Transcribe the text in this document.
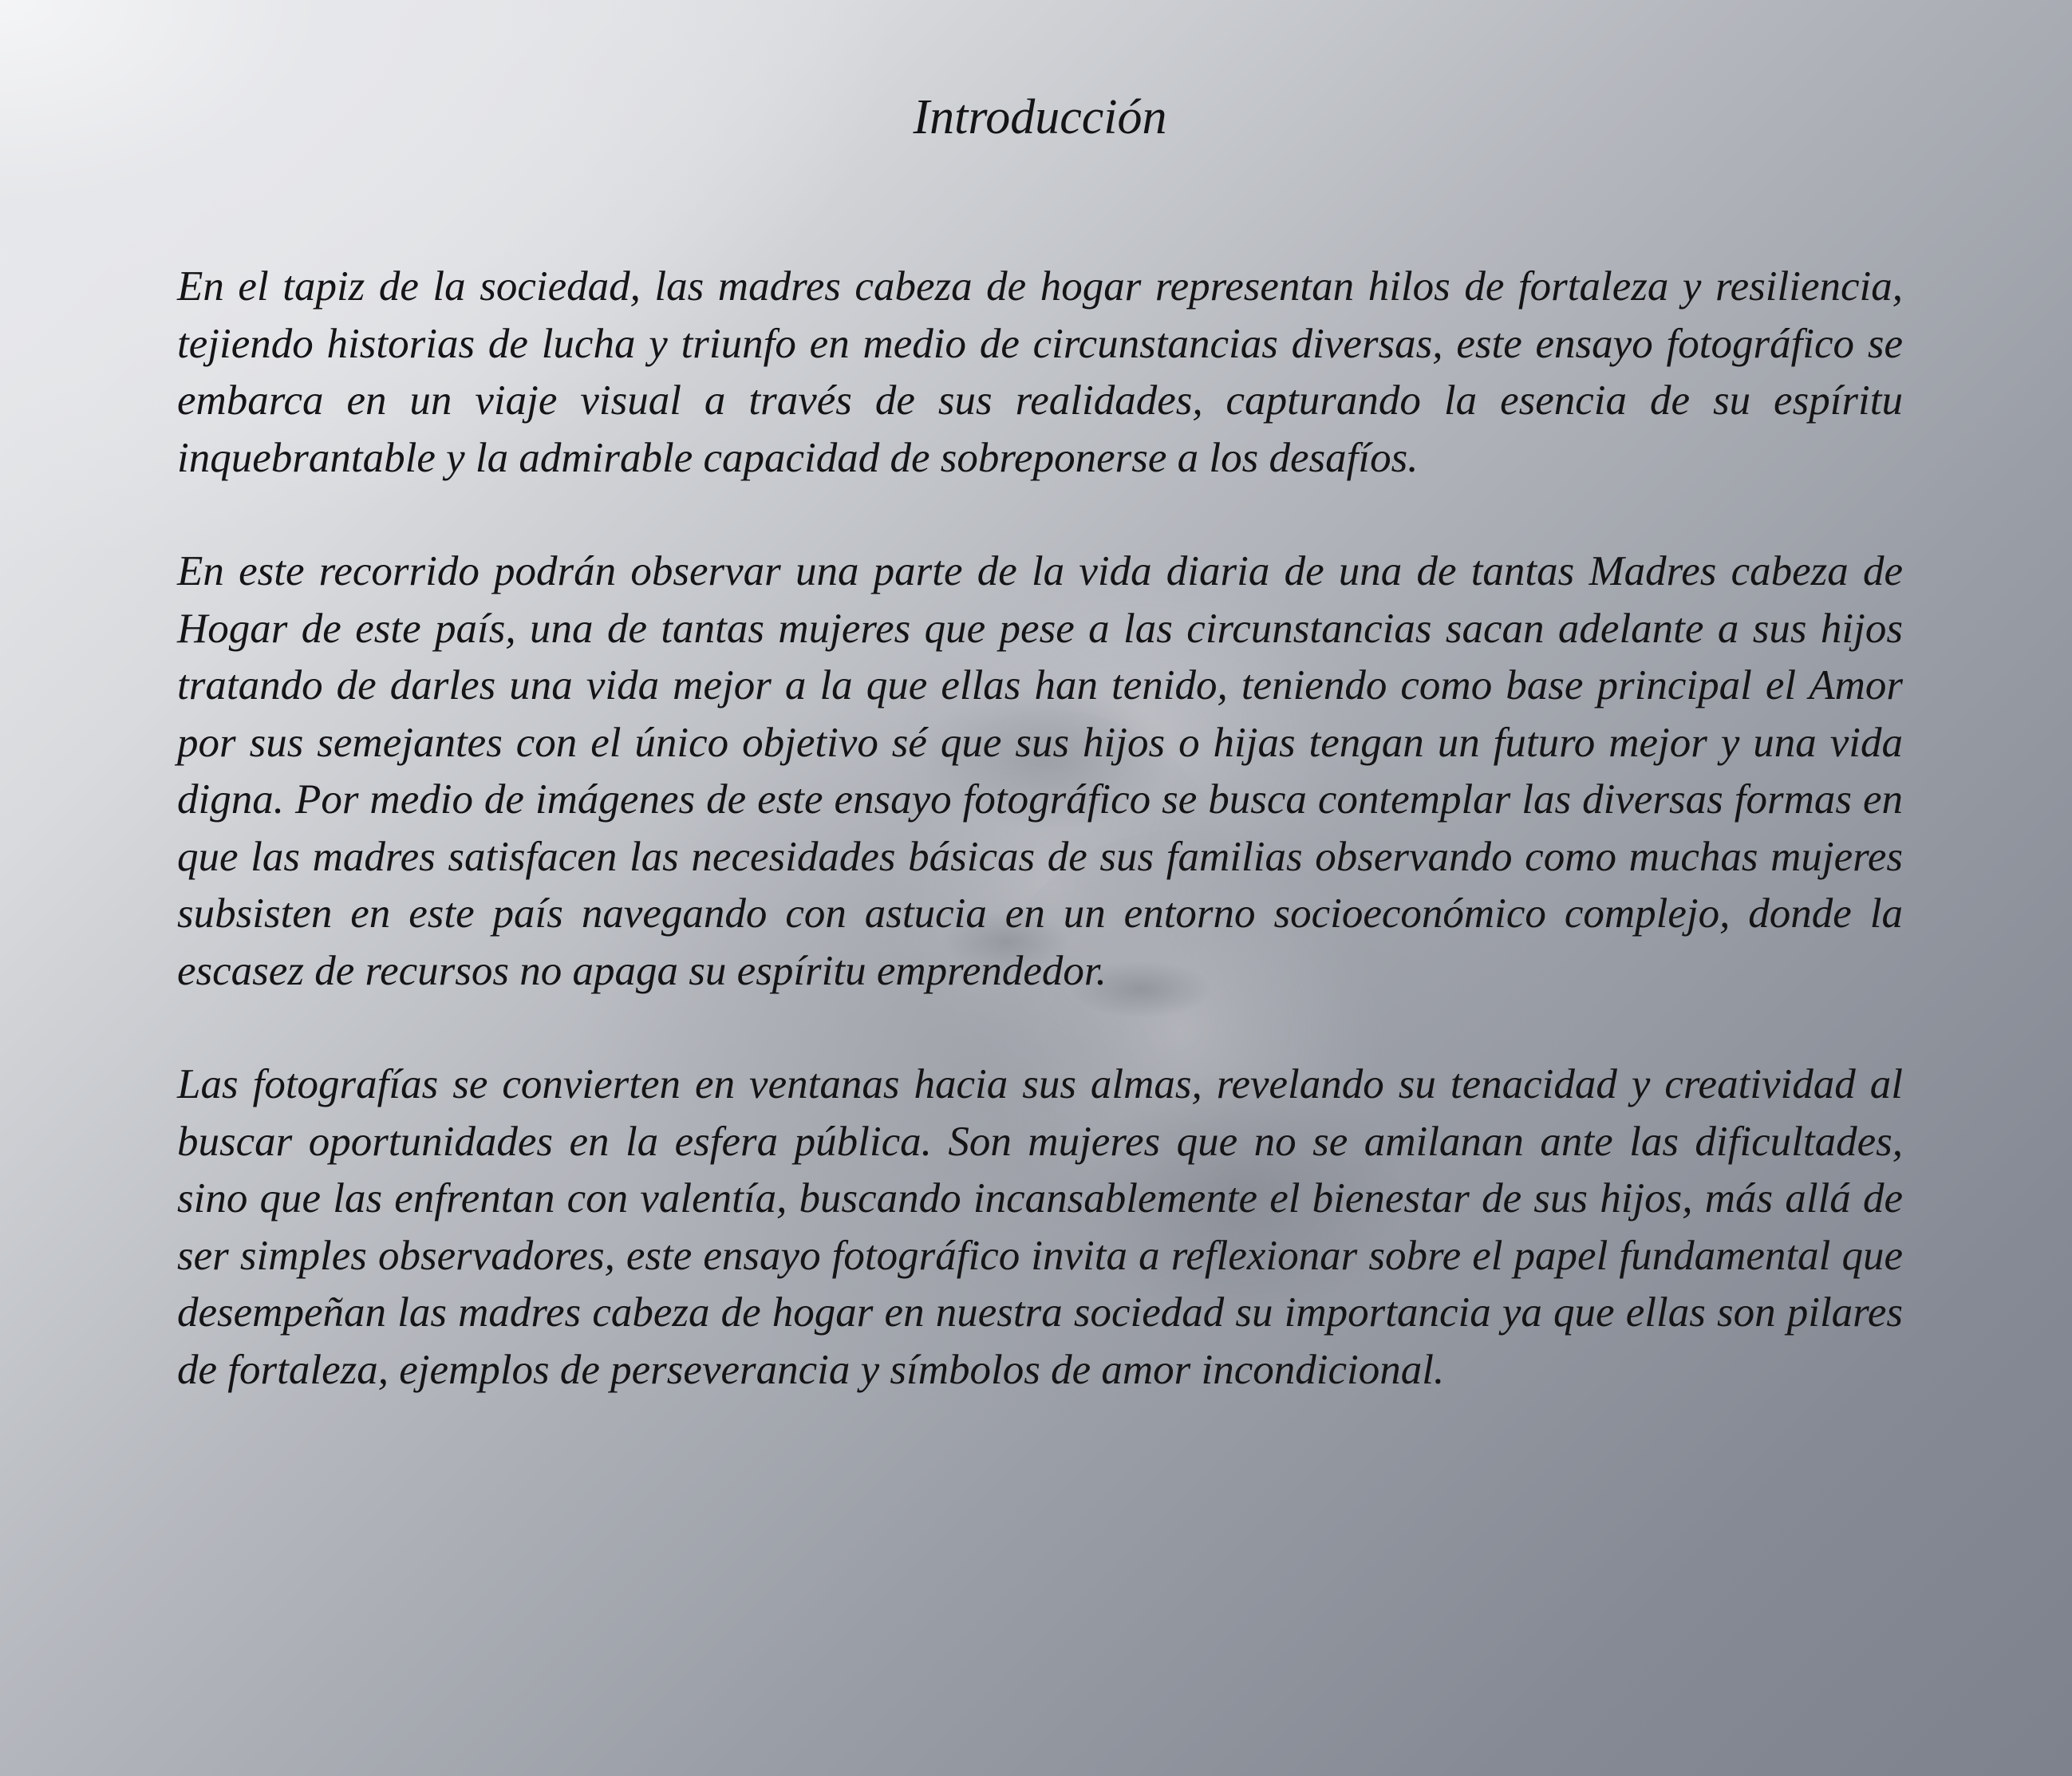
Introducción

En el tapiz de la sociedad, las madres cabeza de hogar representan hilos de fortaleza y resiliencia, tejiendo historias de lucha y triunfo en medio de circunstancias diversas, este ensayo fotográfico se embarca en un viaje visual a través de sus realidades, capturando la esencia de su espíritu inquebrantable y la admirable capacidad de sobreponerse a los desafíos.

En este recorrido podrán observar una parte de la vida diaria de una de tantas Madres cabeza de Hogar de este país, una de tantas mujeres que pese a las circunstancias sacan adelante a sus hijos tratando de darles una vida mejor a la que ellas han tenido, teniendo como base principal el Amor por sus semejantes con el único objetivo sé que sus hijos o hijas tengan un futuro mejor y una vida digna. Por medio de imágenes de este ensayo fotográfico se busca contemplar las diversas formas en que las madres satisfacen las necesidades básicas de sus familias observando como muchas mujeres subsisten en este país navegando con astucia en un entorno socioeconómico complejo, donde la escasez de recursos no apaga su espíritu emprendedor.

Las fotografías se convierten en ventanas hacia sus almas, revelando su tenacidad y creatividad al buscar oportunidades en la esfera pública. Son mujeres que no se amilanan ante las dificultades, sino que las enfrentan con valentía, buscando incansablemente el bienestar de sus hijos, más allá de ser simples observadores, este ensayo fotográfico invita a reflexionar sobre el papel fundamental que desempeñan las madres cabeza de hogar en nuestra sociedad su importancia ya que ellas son pilares de fortaleza, ejemplos de perseverancia y símbolos de amor incondicional.
